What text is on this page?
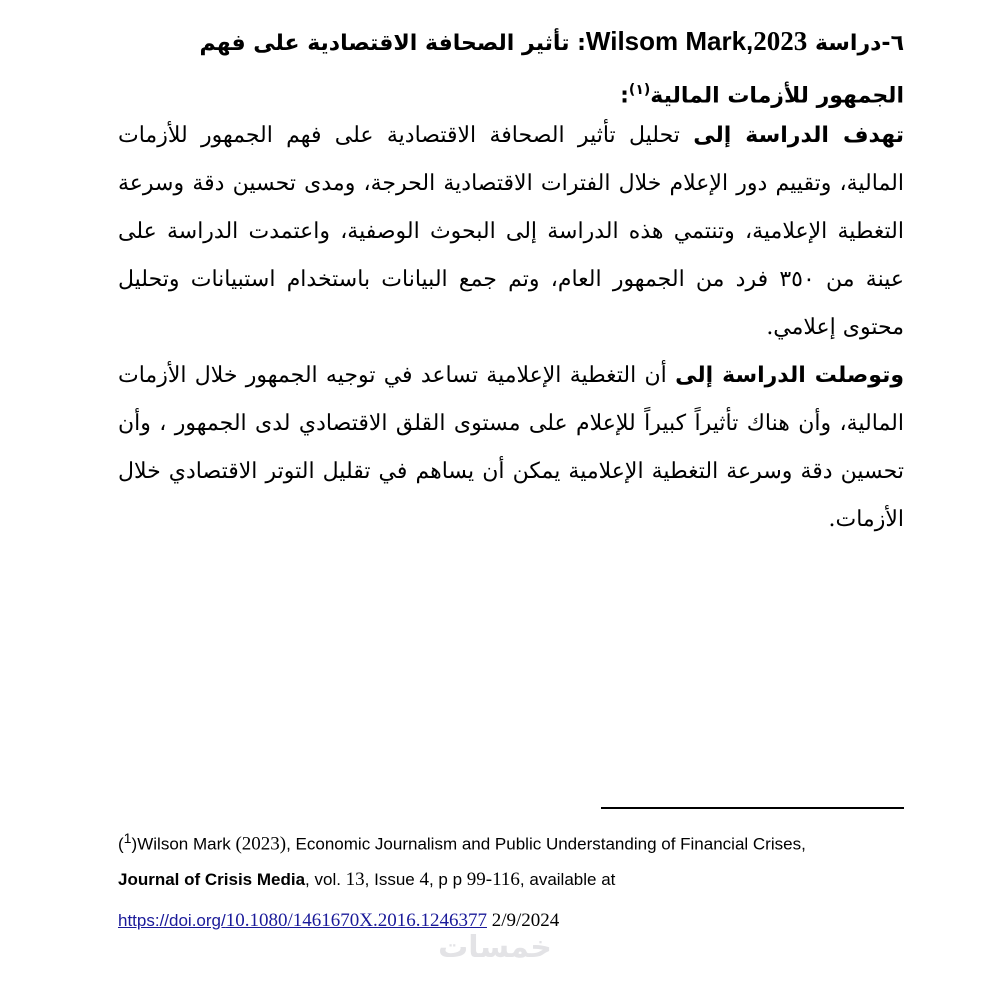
٦-دراسة Wilsom Mark,2023: تأثير الصحافة الاقتصادية على فهم الجمهور للأزمات المالية$^{(١)}$:
تهدف الدراسة إلى تحليل تأثير الصحافة الاقتصادية على فهم الجمهور للأزمات المالية، وتقييم دور الإعلام خلال الفترات الاقتصادية الحرجة، ومدى تحسين دقة وسرعة التغطية الإعلامية، وتنتمي هذه الدراسة إلى البحوث الوصفية، واعتمدت الدراسة على عينة من ٣٥٠ فرد من الجمهور العام، وتم جمع البيانات باستخدام استبيانات وتحليل محتوى إعلامي.
وتوصلت الدراسة إلى أن التغطية الإعلامية تساعد في توجيه الجمهور خلال الأزمات المالية، وأن هناك تأثيراً كبيراً للإعلام على مستوى القلق الاقتصادي لدى الجمهور ، وأن تحسين دقة وسرعة التغطية الإعلامية يمكن أن يساهم في تقليل التوتر الاقتصادي خلال الأزمات.
($^1$)Wilson Mark (2023), Economic Journalism and Public Understanding of Financial Crises,
Journal of Crisis Media, vol. 13, Issue 4, p p 99-116, available at
https://doi.org/10.1080/1461670X.2016.1246377 2/9/2024
خمسات
